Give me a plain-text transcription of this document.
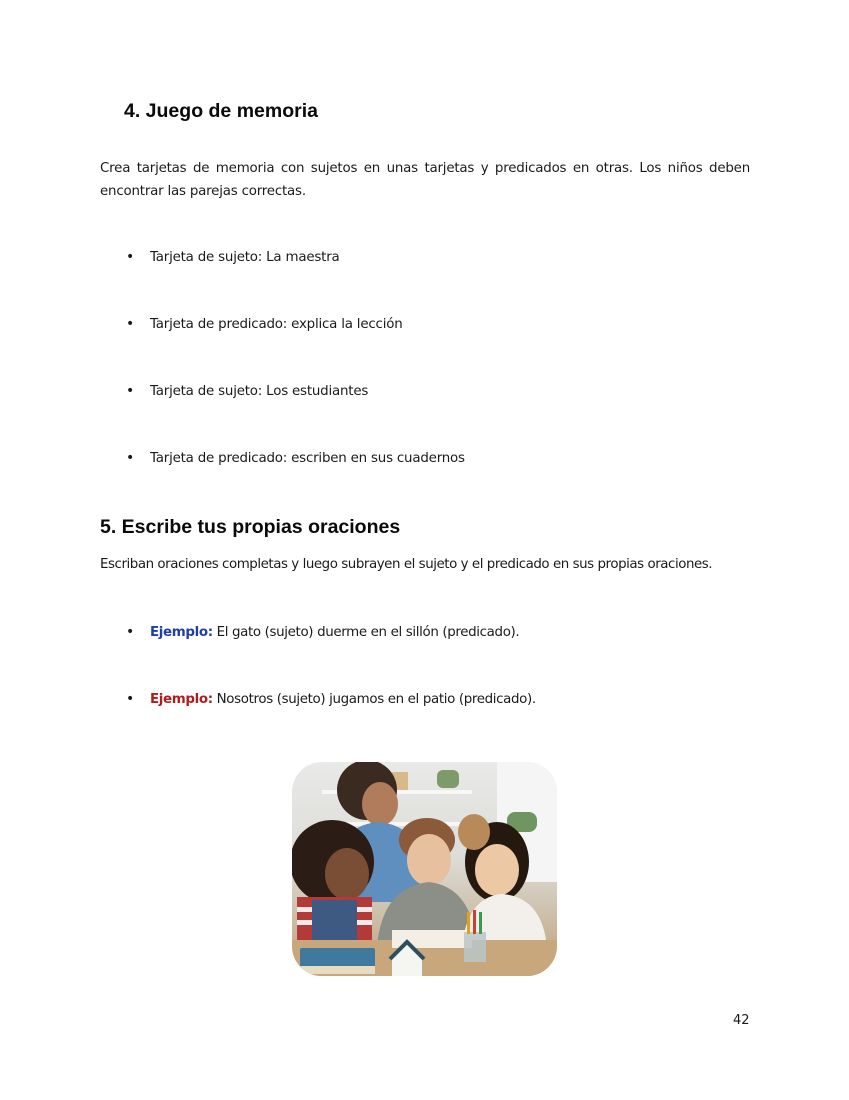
4. Juego de memoria

Crea tarjetas de memoria con sujetos en unas tarjetas y predicados en otras. Los niños deben encontrar las parejas correctas.

• Tarjeta de sujeto: La maestra
• Tarjeta de predicado: explica la lección
• Tarjeta de sujeto: Los estudiantes
• Tarjeta de predicado: escriben en sus cuadernos
5. Escribe tus propias oraciones

Escriban oraciones completas y luego subrayen el sujeto y el predicado en sus propias oraciones.

• Ejemplo: El gato (sujeto) duerme en el sillón (predicado).
• Ejemplo: Nosotros (sujeto) jugamos en el patio (predicado).
42
